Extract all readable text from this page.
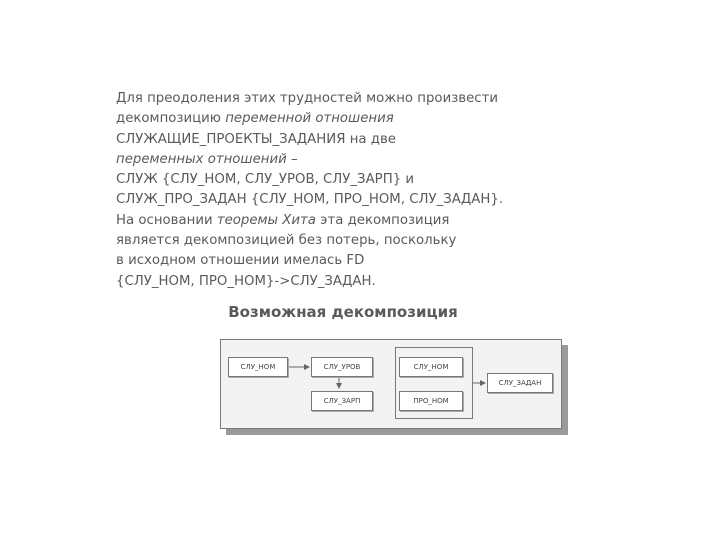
Для преодоления этих трудностей можно произвести
декомпозицию переменной отношения
СЛУЖАЩИЕ_ПРОЕКТЫ_ЗАДАНИЯ на две
переменных отношений –
СЛУЖ {СЛУ_НОМ, СЛУ_УРОВ, СЛУ_ЗАРП} и
СЛУЖ_ПРО_ЗАДАН {СЛУ_НОМ, ПРО_НОМ, СЛУ_ЗАДАН}.
На основании теоремы Хита эта декомпозиция
является декомпозицией без потерь, поскольку
в исходном отношении имелась FD
{СЛУ_НОМ, ПРО_НОМ}->СЛУ_ЗАДАН.
Возможная декомпозиция
СЛУ_НОМ	СЛУ_УРОВ
СЛУ_ЗАРП
СЛУ_НОМ
ПРО_НОМ
СЛУ_ЗАДАН
